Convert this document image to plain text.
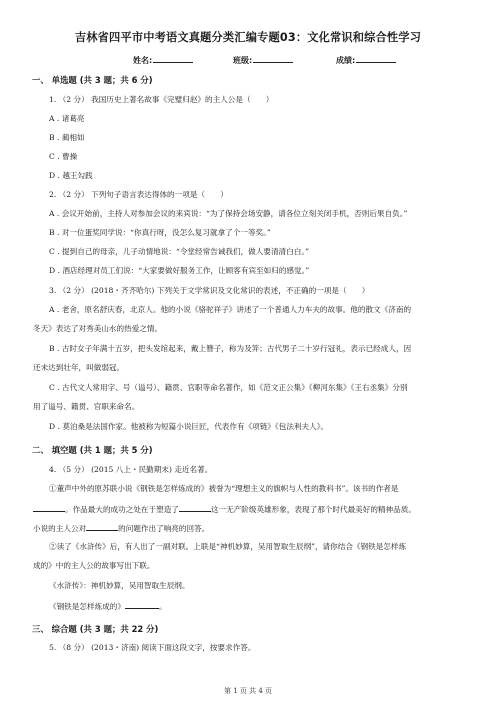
吉林省四平市中考语文真题分类汇编专题03：文化常识和综合性学习
姓名:	班级:	成绩:
一、 单选题 (共 3 题；共 6 分)
1. （2 分） 我国历史上著名故事《完璧归赵》的主人公是（　　）
A . 诸葛亮
B . 蔺相如
C . 曹操
D . 越王勾践
2. （2 分） 下列句子语言表达得体的一项是（　　）
A . 会议开始前，主持人对参加会议的来宾说：“为了保持会场安静，请各位立刻关闭手机，否则后果自负。”
B . 对一位蛋奖同学说：“你真行呀，没怎么复习就拿了个一等奖。”
C . 提到自己的母亲，儿子动情地说：“令堂经常告诫我们，做人要清清白白。”
D . 酒店经理对员工们说：“大家要做好服务工作，让顾客有宾至如归的感觉。”
3. （2 分） (2018・齐齐哈尔) 下列关于文学常识及文化常识的表述，不正确的一项是（　　）
A . 老舍，原名舒庆春，北京人。他的小说《骆驼祥子》讲述了一个普通人力车夫的故事。他的散文《济南的
冬天》表达了对秀美山水的热爱之情。
B . 古时女子年满十五岁，把头发绾起来，戴上簪子，称为及笄；古代男子二十岁行冠礼，表示已经成人，因
还未达到壮年，叫做弱冠。
C . 古代文人常用字、号（谥号）、籍贯、官职等命名著作，如《范文正公集》《柳河东集》《王右丞集》分别
用了谥号、籍贯、官职来命名。
D . 莫泊桑是法国作家。他被称为短篇小说巨匠，代表作有《项链》《包法利夫人》。
二、 填空题 (共 1 题；共 5 分)
4. （5 分） (2015 八上・民勤期末) 走近名著。
①董声中外的原苏联小说《钢铁是怎样炼成的》被誉为“理想主义的旗帜与人性的教科书”。该书的作者是
。作品最大的成功之处在于塑造了	这一无产阶级英雄形象，表现了那个时代最美好的精神品质。
小说的主人公对	的问题作出了响亮的回答。
②读了《水浒传》后，有人出了一副对联。上联是“神机妙算，吴用智取生辰纲”，请你结合《钢铁是怎样炼
成的》中的主人公的故事写出下联。
《水浒传》：神机妙算，吴用智取生辰纲。
《钢铁是怎样炼成的》	。
三、 综合题 (共 3 题；共 22 分)
5. （8 分） (2013・济南) 阅读下面这段文字，按要求作答。
第 1 页 共 4 页
